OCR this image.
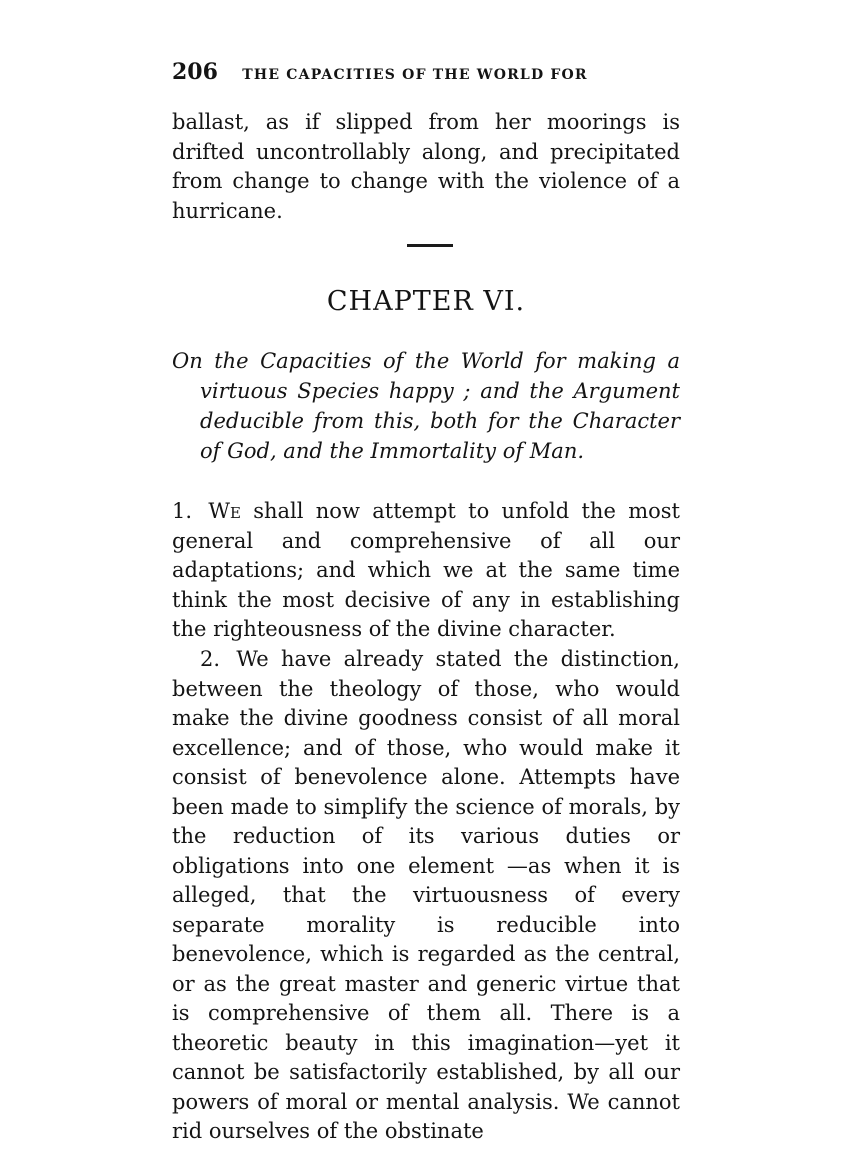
206 THE CAPACITIES OF THE WORLD FOR

ballast, as if slipped from her moorings is drifted uncontrollably along, and precipitated from change to change with the violence of a hurricane.

CHAPTER VI.

On the Capacities of the World for making a virtuous Species happy ; and the Argument deducible from this, both for the Character of God, and the Immortality of Man.

1. We shall now attempt to unfold the most general and comprehensive of all our adaptations; and which we at the same time think the most decisive of any in establishing the righteousness of the divine character.

2. We have already stated the distinction, between the theology of those, who would make the divine goodness consist of all moral excellence; and of those, who would make it consist of benevolence alone. Attempts have been made to simplify the science of morals, by the reduction of its various duties or obligations into one element —as when it is alleged, that the virtuousness of every separate morality is reducible into benevolence, which is regarded as the central, or as the great master and generic virtue that is comprehensive of them all. There is a theoretic beauty in this imagination—yet it cannot be satisfactorily established, by all our powers of moral or mental analysis. We cannot rid ourselves of the obstinate
